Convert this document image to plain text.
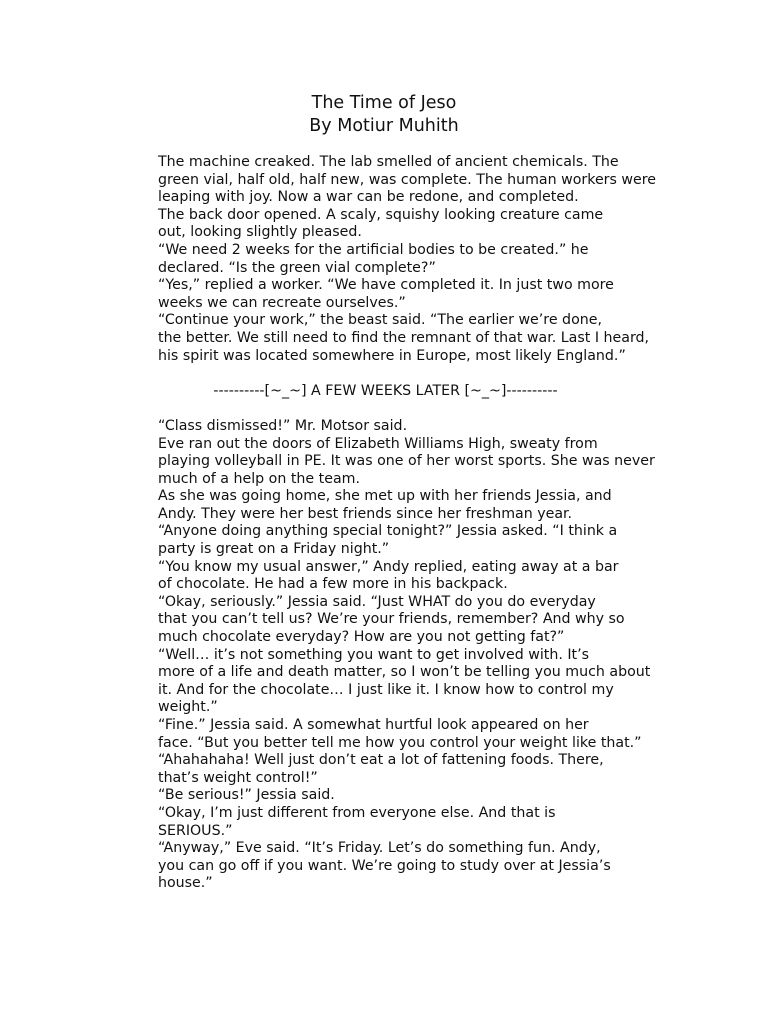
The Time of Jeso
By Motiur Muhith
The machine creaked. The lab smelled of ancient chemicals. The
green vial, half old, half new, was complete. The human workers were
leaping with joy. Now a war can be redone, and completed.
The back door opened. A scaly, squishy looking creature came
out, looking slightly pleased.
“We need 2 weeks for the artificial bodies to be created.” he
declared. “Is the green vial complete?”
“Yes,” replied a worker. “We have completed it. In just two more
weeks we can recreate ourselves.”
“Continue your work,” the beast said. “The earlier we’re done,
the better. We still need to find the remnant of that war. Last I heard,
his spirit was located somewhere in Europe, most likely England.”
----------[~_~] A FEW WEEKS LATER [~_~]----------
“Class dismissed!” Mr. Motsor said.
Eve ran out the doors of Elizabeth Williams High, sweaty from
playing volleyball in PE. It was one of her worst sports. She was never
much of a help on the team.
As she was going home, she met up with her friends Jessia, and
Andy. They were her best friends since her freshman year.
“Anyone doing anything special tonight?” Jessia asked. “I think a
party is great on a Friday night.”
“You know my usual answer,” Andy replied, eating away at a bar
of chocolate. He had a few more in his backpack.
“Okay, seriously.” Jessia said. “Just WHAT do you do everyday
that you can’t tell us? We’re your friends, remember? And why so
much chocolate everyday? How are you not getting fat?”
“Well… it’s not something you want to get involved with. It’s
more of a life and death matter, so I won’t be telling you much about
it. And for the chocolate… I just like it. I know how to control my
weight.”
“Fine.” Jessia said. A somewhat hurtful look appeared on her
face. “But you better tell me how you control your weight like that.”
“Ahahahaha! Well just don’t eat a lot of fattening foods. There,
that’s weight control!”
“Be serious!” Jessia said.
“Okay, I’m just different from everyone else. And that is
SERIOUS.”
“Anyway,” Eve said. “It’s Friday. Let’s do something fun. Andy,
you can go off if you want. We’re going to study over at Jessia’s
house.”
